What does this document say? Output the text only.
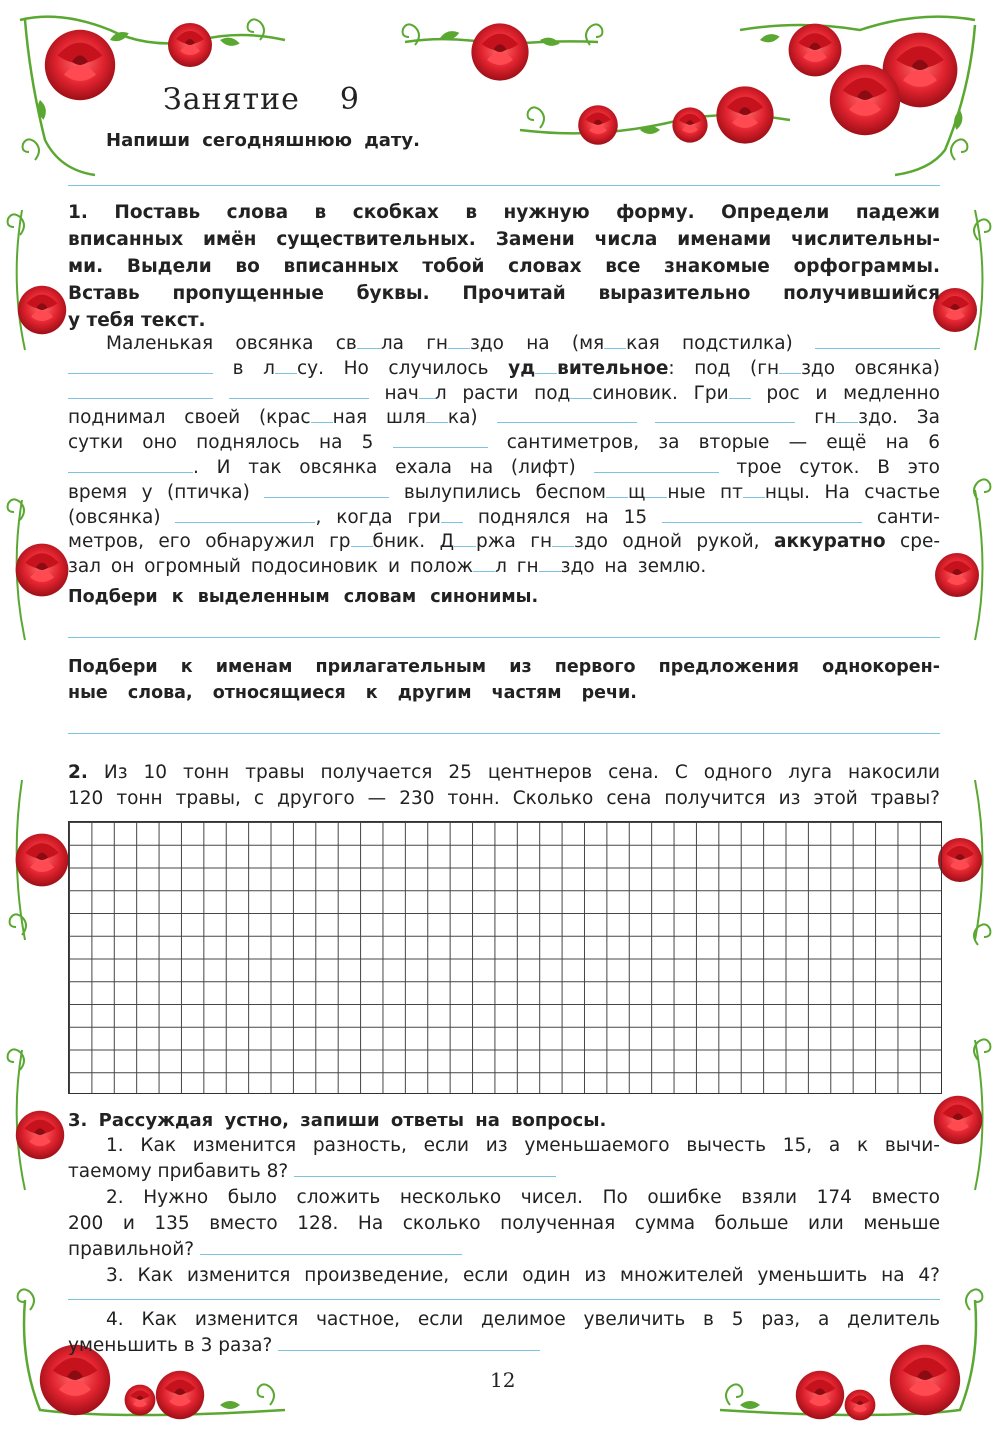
Занятие 9
Напиши сегодняшнюю дату.
1. Поставь слова в скобках в нужную форму. Определи падежи
вписанных имён существительных. Замени числа именами числительны-
ми. Выдели во вписанных тобой словах все знакомые орфограммы.
Вставь пропущенные буквы. Прочитай выразительно получившийся
у тебя текст.
Маленькая овсянка св ла гн здо на (мя кая подстилка)
в л су. Но случилось уд вительное: под (гн здо овсянка)
нач л расти под синовик. Гри рос и медленно
поднимал своей (крас ная шля ка)	гн здо. За
сутки оно поднялось на 5	сантиметров, за вторые — ещё на 6
. И так овсянка ехала на (лифт)	трое суток. В это
время у (птичка)	вылупились беспом щ ные пт нцы. На счастье
(овсянка)	, когда гри поднялся на 15	санти-
метров, его обнаружил гр бник. Д ржа гн здо одной рукой, аккуратно сре-
зал он огромный подосиновик и полож л гн здо на землю.
Подбери к выделенным словам синонимы.
Подбери к именам прилагательным из первого предложения однокорен-
ные слова, относящиеся к другим частям речи.
2. Из 10 тонн травы получается 25 центнеров сена. С одного луга накосили
120 тонн травы, с другого — 230 тонн. Сколько сена получится из этой травы?
3. Рассуждая устно, запиши ответы на вопросы.
1. Как изменится разность, если из уменьшаемого вычесть 15, а к вычи-
таемому прибавить 8?
2. Нужно было сложить несколько чисел. По ошибке взяли 174 вместо
200 и 135 вместо 128. На сколько полученная сумма больше или меньше
правильной?
3. Как изменится произведение, если один из множителей уменьшить на 4?
4. Как изменится частное, если делимое увеличить в 5 раз, а делитель
уменьшить в 3 раза?
12
